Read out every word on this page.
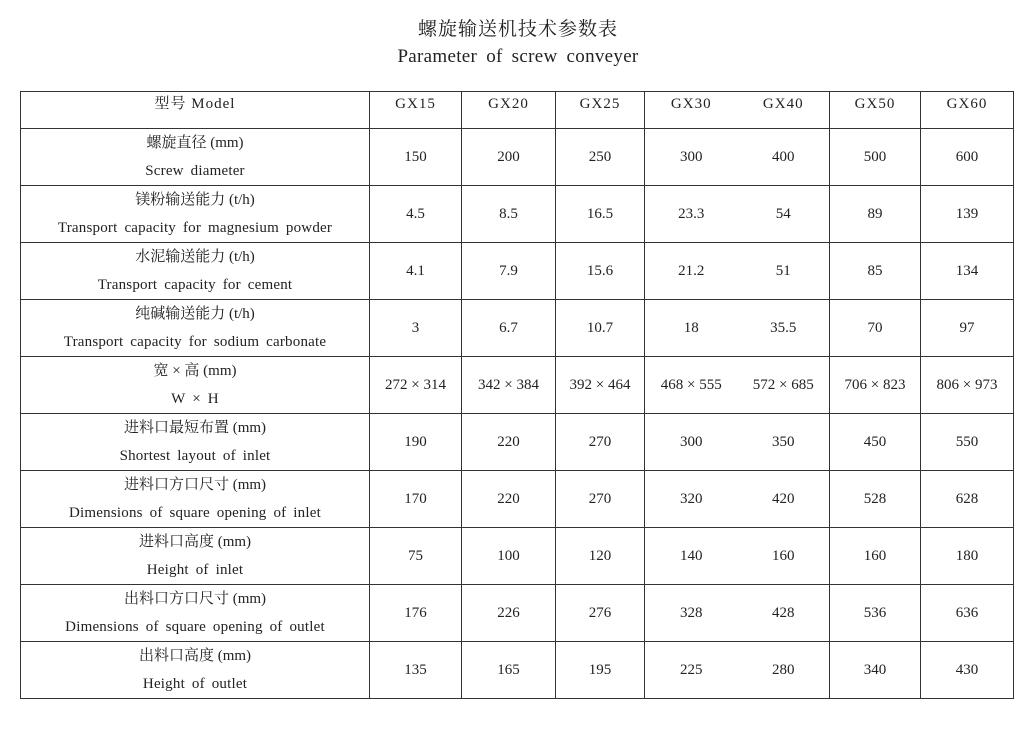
螺旋输送机技术参数表
Parameter of screw conveyer
型号 Model	GX15	GX20	GX25	GX30	GX40	GX50	GX60

螺旋直径 (mm)
Screw diameter	150	200	250	300	400	500	600

镁粉输送能力 (t/h)
Transport capacity for magnesium powder	4.5	8.5	16.5	23.3	54	89	139

水泥输送能力 (t/h)
Transport capacity for cement	4.1	7.9	15.6	21.2	51	85	134

纯碱输送能力 (t/h)
Transport capacity for sodium carbonate	3	6.7	10.7	18	35.5	70	97

宽 × 高 (mm)
W × H	272 × 314	342 × 384	392 × 464	468 × 555	572 × 685	706 × 823	806 × 973

进料口最短布置 (mm)
Shortest layout of inlet	190	220	270	300	350	450	550

进料口方口尺寸 (mm)
Dimensions of square opening of inlet	170	220	270	320	420	528	628

进料口高度 (mm)
Height of inlet	75	100	120	140	160	160	180

出料口方口尺寸 (mm)
Dimensions of square opening of outlet	176	226	276	328	428	536	636

出料口高度 (mm)
Height of outlet	135	165	195	225	280	340	430
